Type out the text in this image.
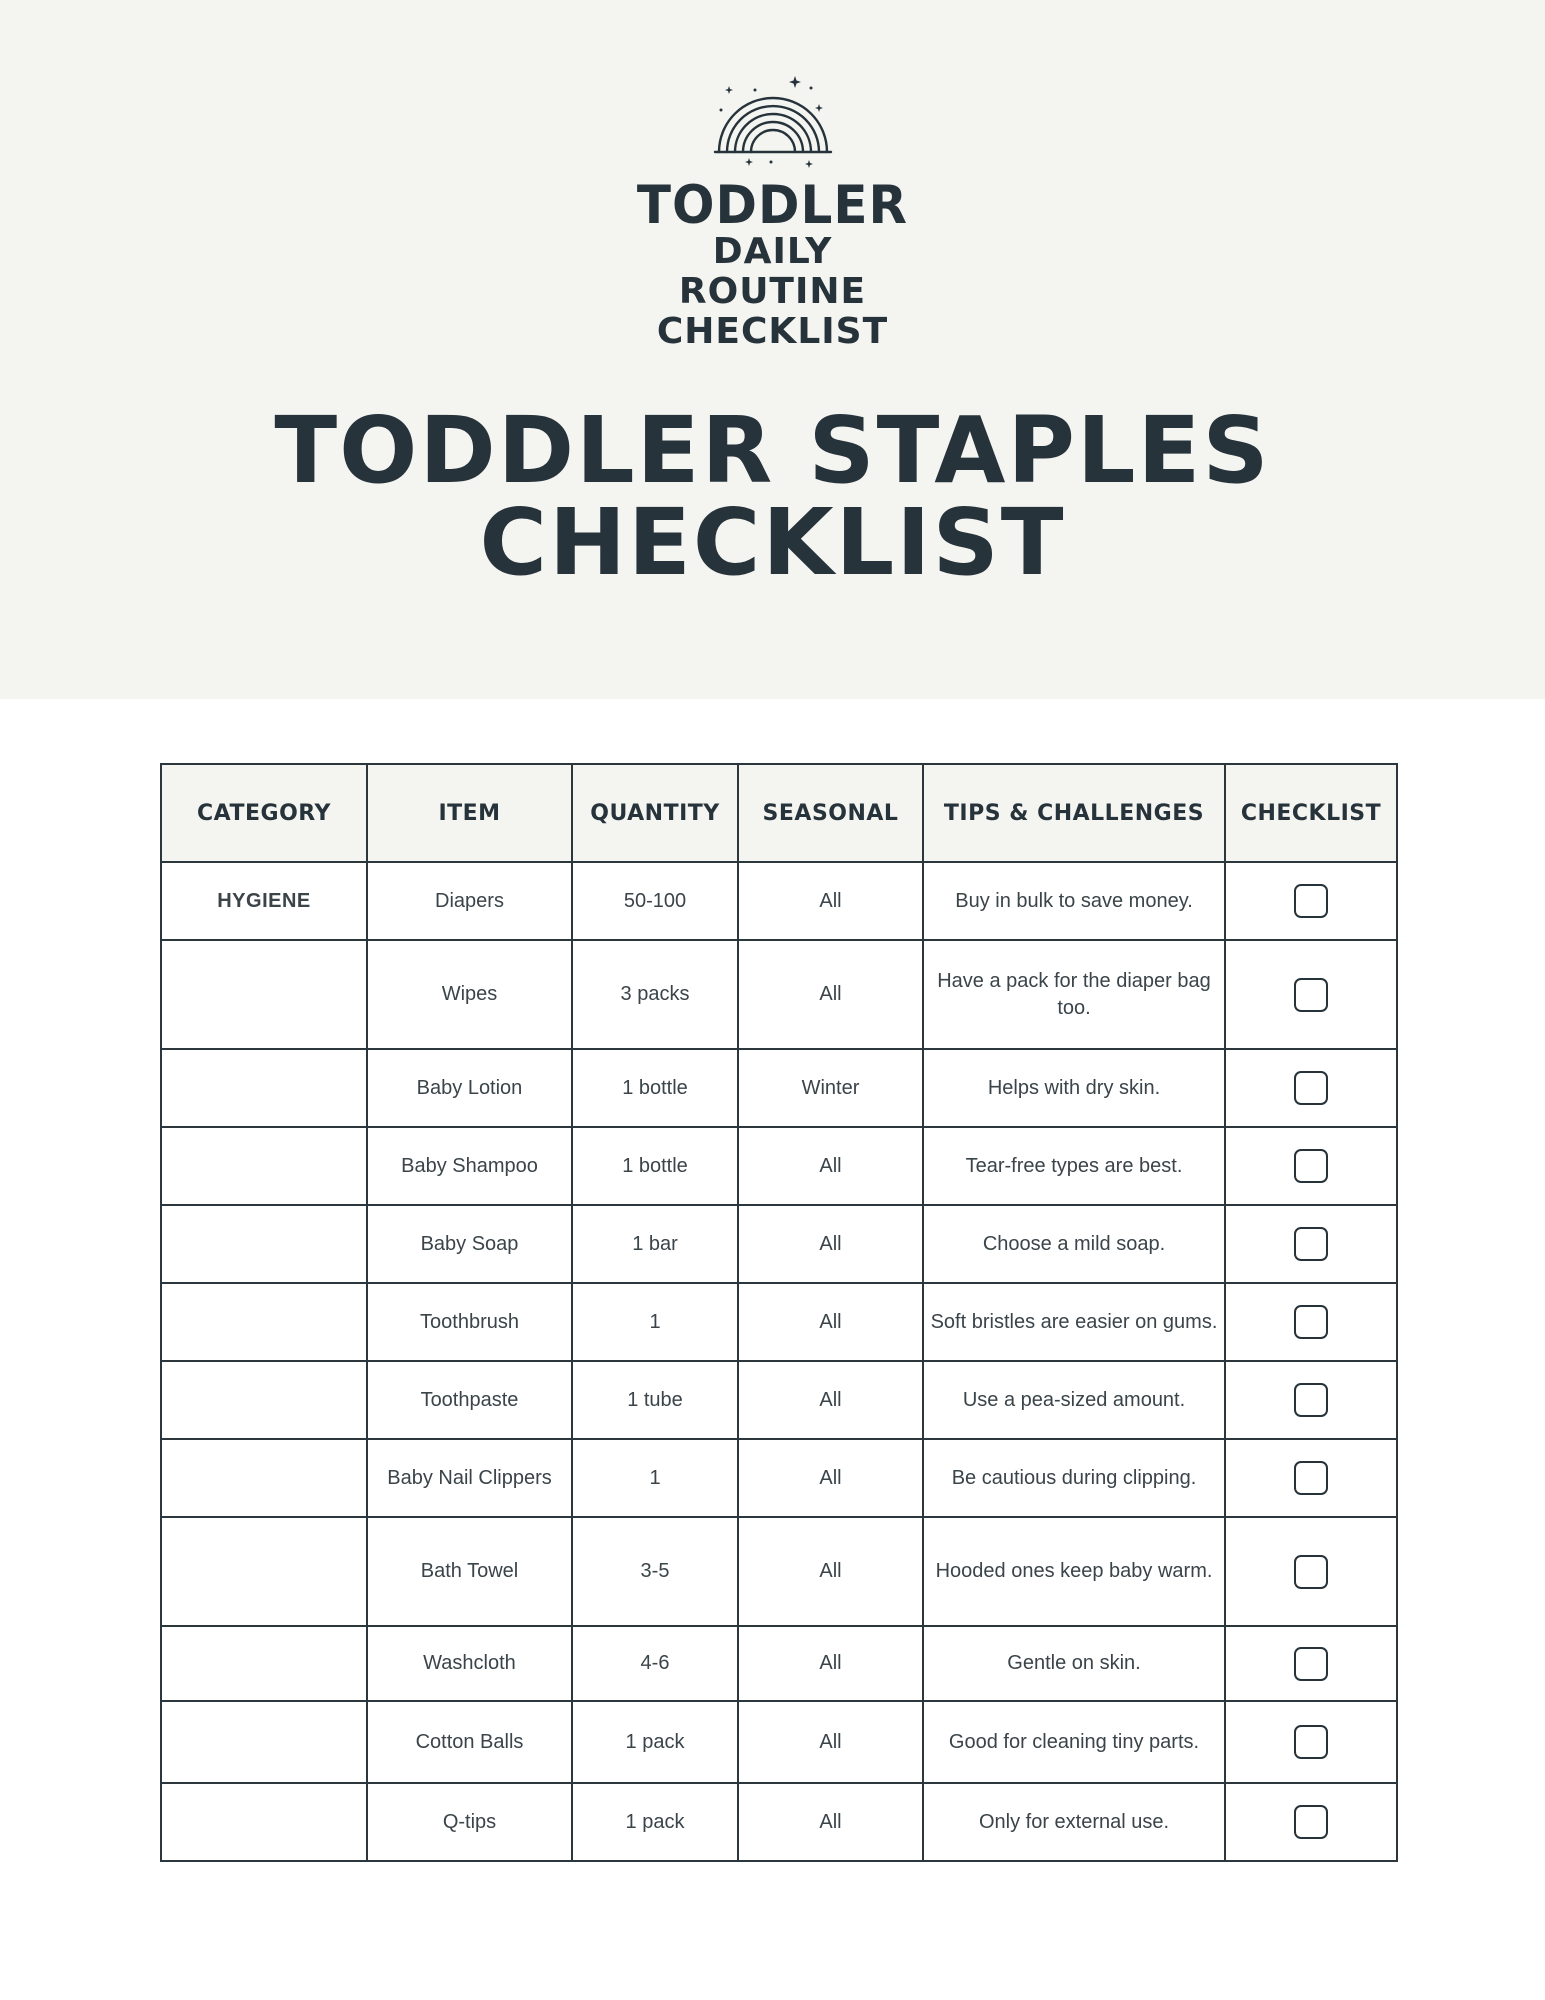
TODDLER
DAILY
ROUTINE
CHECKLIST
TODDLER STAPLES
CHECKLIST
CATEGORY	ITEM	QUANTITY	SEASONAL	TIPS & CHALLENGES	CHECKLIST
HYGIENE	Diapers	50-100	All	Buy in bulk to save money.	
	Wipes	3 packs	All	Have a pack for the diaper bag too.	
	Baby Lotion	1 bottle	Winter	Helps with dry skin.	
	Baby Shampoo	1 bottle	All	Tear-free types are best.	
	Baby Soap	1 bar	All	Choose a mild soap.	
	Toothbrush	1	All	Soft bristles are easier on gums.	
	Toothpaste	1 tube	All	Use a pea-sized amount.	
	Baby Nail Clippers	1	All	Be cautious during clipping.	
	Bath Towel	3-5	All	Hooded ones keep baby warm.	
	Washcloth	4-6	All	Gentle on skin.	
	Cotton Balls	1 pack	All	Good for cleaning tiny parts.	
	Q-tips	1 pack	All	Only for external use.	
